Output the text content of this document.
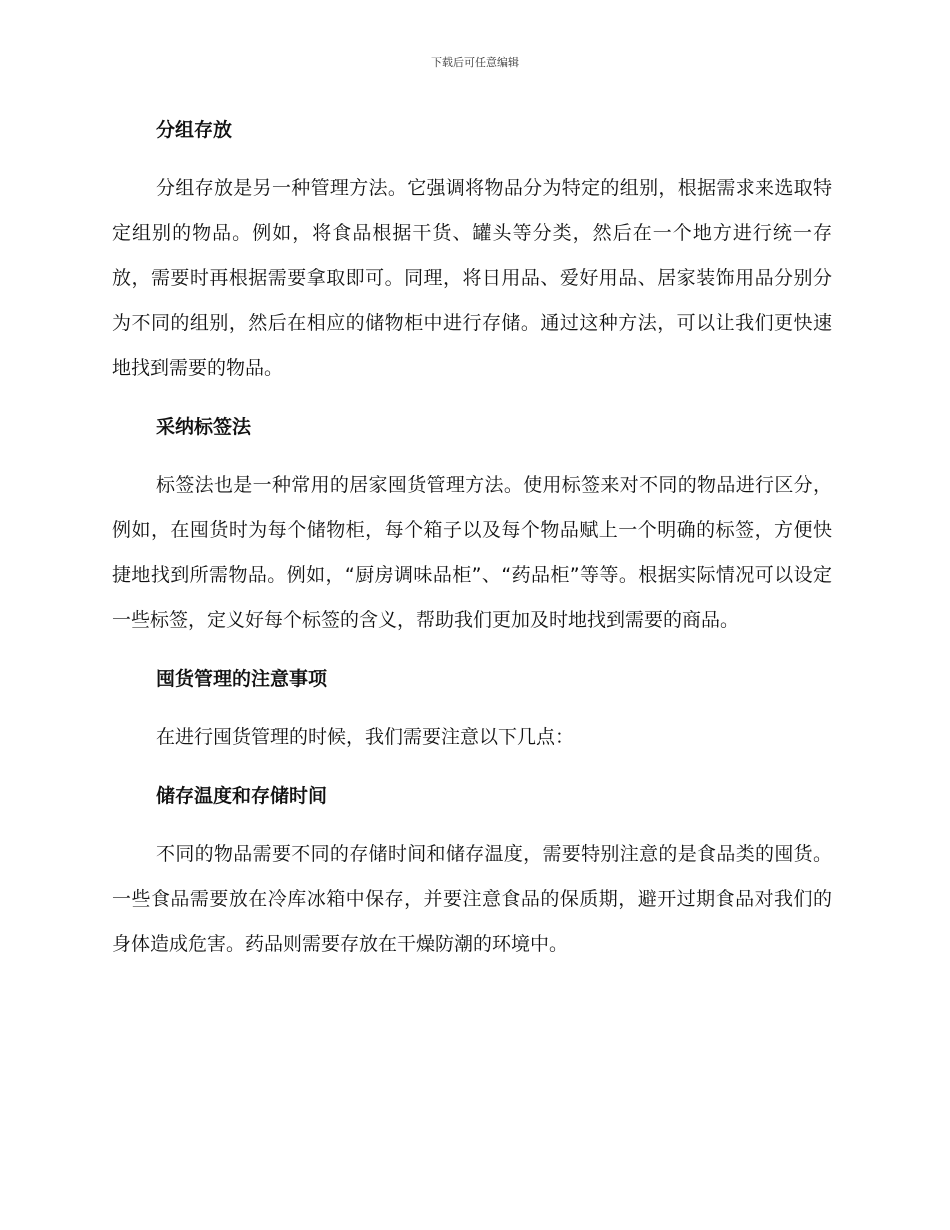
下载后可任意编辑
分组存放

分组存放是另一种管理方法。它强调将物品分为特定的组别，根据需求来选取特定组别的物品。例如，将食品根据干货、罐头等分类，然后在一个地方进行统一存放，需要时再根据需要拿取即可。同理，将日用品、爱好用品、居家装饰用品分别分为不同的组别，然后在相应的储物柜中进行存储。通过这种方法，可以让我们更快速地找到需要的物品。

采纳标签法

标签法也是一种常用的居家囤货管理方法。使用标签来对不同的物品进行区分，例如，在囤货时为每个储物柜，每个箱子以及每个物品赋上一个明确的标签，方便快捷地找到所需物品。例如，“厨房调味品柜”、“药品柜”等等。根据实际情况可以设定一些标签，定义好每个标签的含义，帮助我们更加及时地找到需要的商品。

囤货管理的注意事项

在进行囤货管理的时候，我们需要注意以下几点：

储存温度和存储时间

不同的物品需要不同的存储时间和储存温度，需要特别注意的是食品类的囤货。一些食品需要放在冷库冰箱中保存，并要注意食品的保质期，避开过期食品对我们的身体造成危害。药品则需要存放在干燥防潮的环境中。
